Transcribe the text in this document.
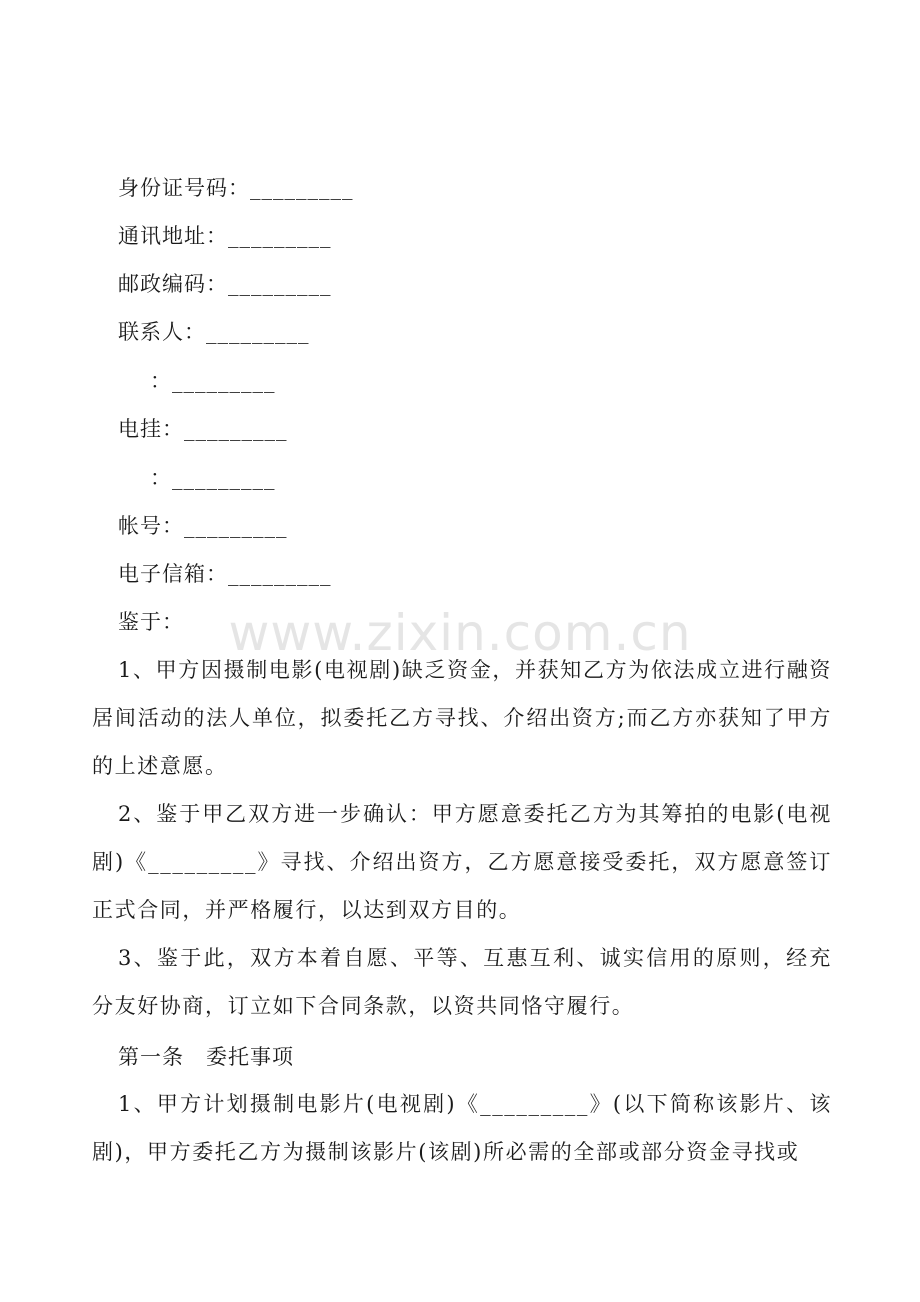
身份证号码：_________
通讯地址：_________
邮政编码：_________
联系人：_________
：_________
电挂：_________
：_________
帐号：_________
电子信箱：_________
鉴于：
1、甲方因摄制电影(电视剧)缺乏资金，并获知乙方为依法成立进行融资居间活动的法人单位，拟委托乙方寻找、介绍出资方;而乙方亦获知了甲方的上述意愿。
2、鉴于甲乙双方进一步确认：甲方愿意委托乙方为其筹拍的电影(电视剧)《_________》寻找、介绍出资方，乙方愿意接受委托，双方愿意签订正式合同，并严格履行，以达到双方目的。
3、鉴于此，双方本着自愿、平等、互惠互利、诚实信用的原则，经充分友好协商，订立如下合同条款，以资共同恪守履行。
第一条　委托事项
1、甲方计划摄制电影片(电视剧)《_________》(以下简称该影片、该剧)，甲方委托乙方为摄制该影片(该剧)所必需的全部或部分资金寻找或
www.zixin.com.cn
